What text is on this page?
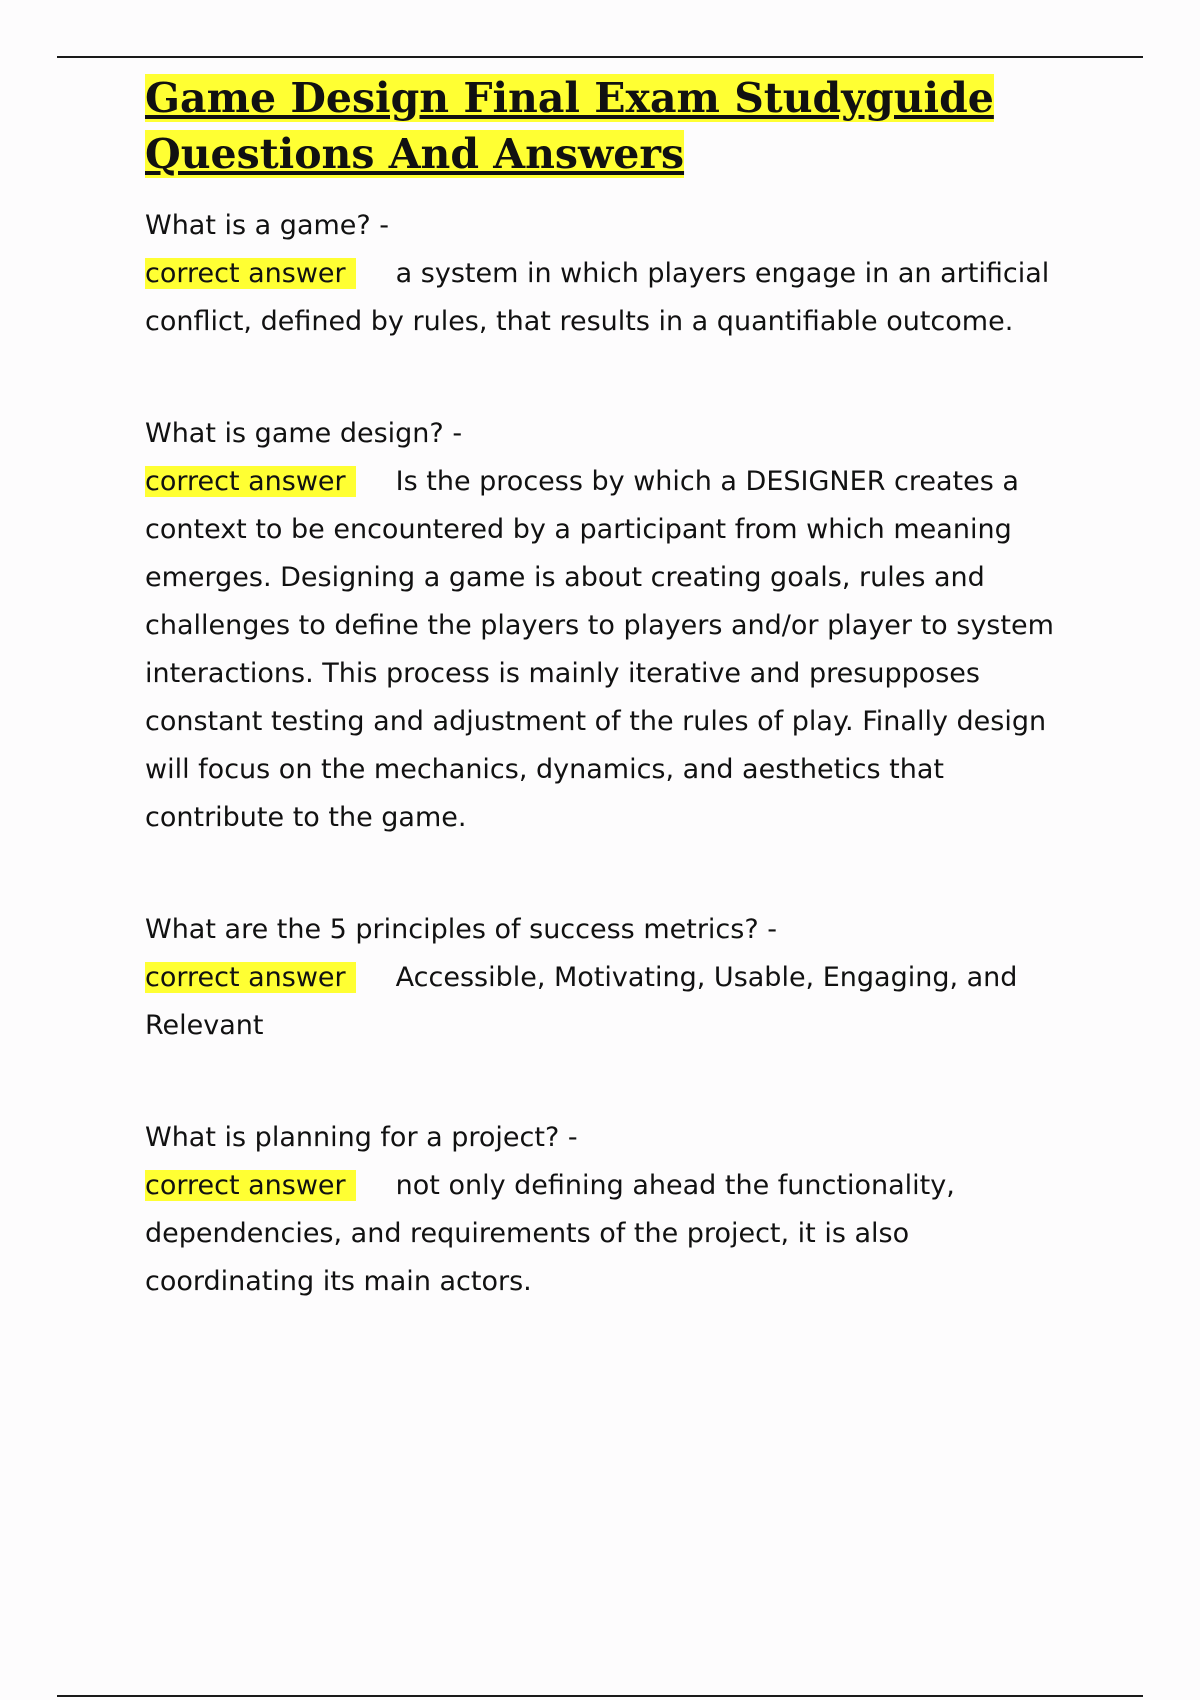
Game Design Final Exam Studyguide
Questions And Answers

What is a game? -
correct answer a system in which players engage in an artificial conflict, defined by rules, that results in a quantifiable outcome.

What is game design? -
correct answer Is the process by which a DESIGNER creates a context to be encountered by a participant from which meaning emerges. Designing a game is about creating goals, rules and challenges to define the players to players and/or player to system interactions. This process is mainly iterative and presupposes constant testing and adjustment of the rules of play. Finally design will focus on the mechanics, dynamics, and aesthetics that contribute to the game.

What are the 5 principles of success metrics? -
correct answer Accessible, Motivating, Usable, Engaging, and Relevant

What is planning for a project? -
correct answer not only defining ahead the functionality, dependencies, and requirements of the project, it is also coordinating its main actors.
